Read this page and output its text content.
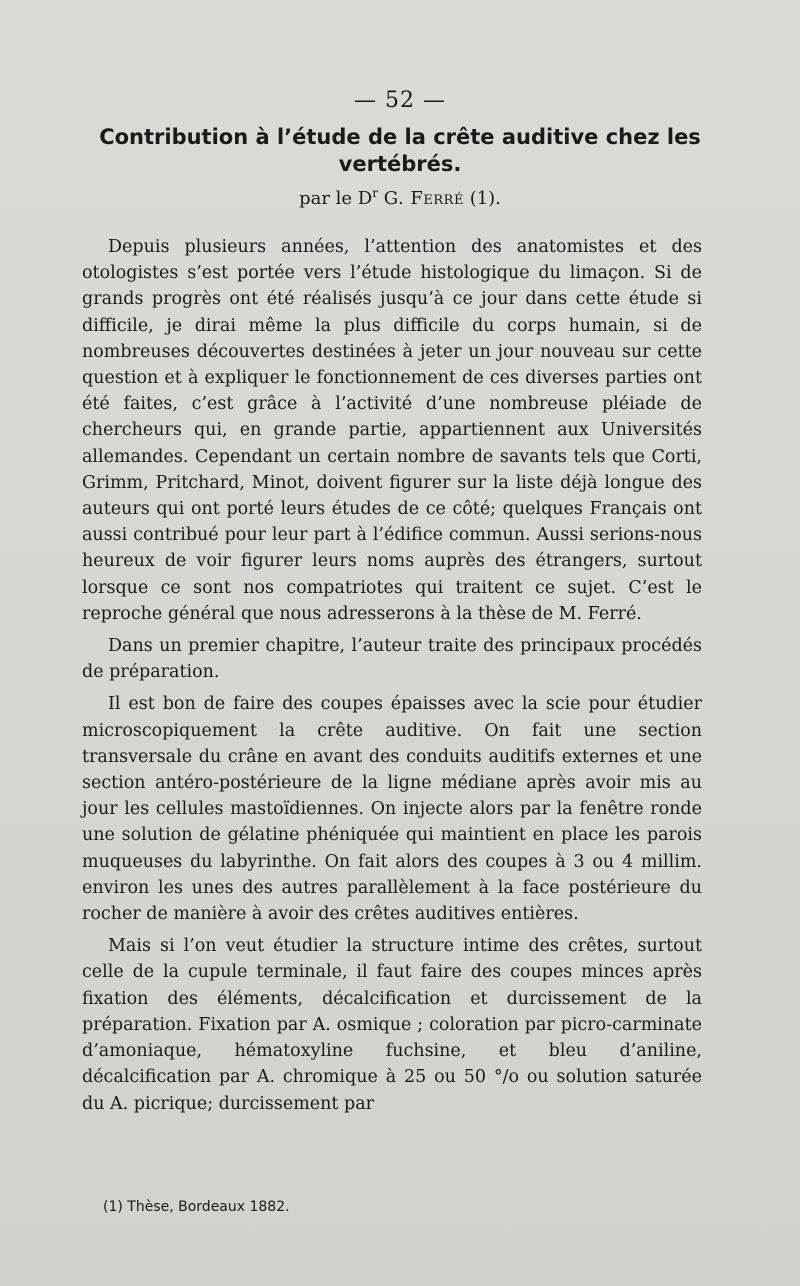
— 52 —
Contribution à l’étude de la crête auditive chez les vertébrés.
par le $D^r$ G. Ferré (1).

Depuis plusieurs années, l’attention des anatomistes et des otologistes s’est portée vers l’étude histologique du limaçon. Si de grands progrès ont été réalisés jusqu’à ce jour dans cette étude si difficile, je dirai même la plus difficile du corps humain, si de nombreuses découvertes destinées à jeter un jour nouveau sur cette question et à expliquer le fonctionnement de ces diverses parties ont été faites, c’est grâce à l’activité d’une nombreuse pléiade de chercheurs qui, en grande partie, appartiennent aux Universités allemandes. Cependant un certain nombre de savants tels que Corti, Grimm, Pritchard, Minot, doivent figurer sur la liste déjà longue des auteurs qui ont porté leurs études de ce côté; quelques Français ont aussi contribué pour leur part à l’édifice commun. Aussi serions-nous heureux de voir figurer leurs noms auprès des étrangers, surtout lorsque ce sont nos compatriotes qui traitent ce sujet. C’est le reproche général que nous adresserons à la thèse de M. Ferré.

Dans un premier chapitre, l’auteur traite des principaux procédés de préparation.

Il est bon de faire des coupes épaisses avec la scie pour étudier microscopiquement la crête auditive. On fait une section transversale du crâne en avant des conduits auditifs externes et une section antéro-postérieure de la ligne médiane après avoir mis au jour les cellules mastoïdiennes. On injecte alors par la fenêtre ronde une solution de gélatine phéniquée qui maintient en place les parois muqueuses du labyrinthe. On fait alors des coupes à 3 ou 4 millim. environ les unes des autres parallèlement à la face postérieure du rocher de manière à avoir des crêtes auditives entières.

Mais si l’on veut étudier la structure intime des crêtes, surtout celle de la cupule terminale, il faut faire des coupes minces après fixation des éléments, décalcification et durcissement de la préparation. Fixation par A. osmique ; coloration par picro-carminate d’amoniaque, hématoxyline fuchsine, et bleu d’aniline, décalcification par A. chromique à 25 ou 50 °/o ou solution saturée du A. picrique; durcissement par

(1) Thèse, Bordeaux 1882.
